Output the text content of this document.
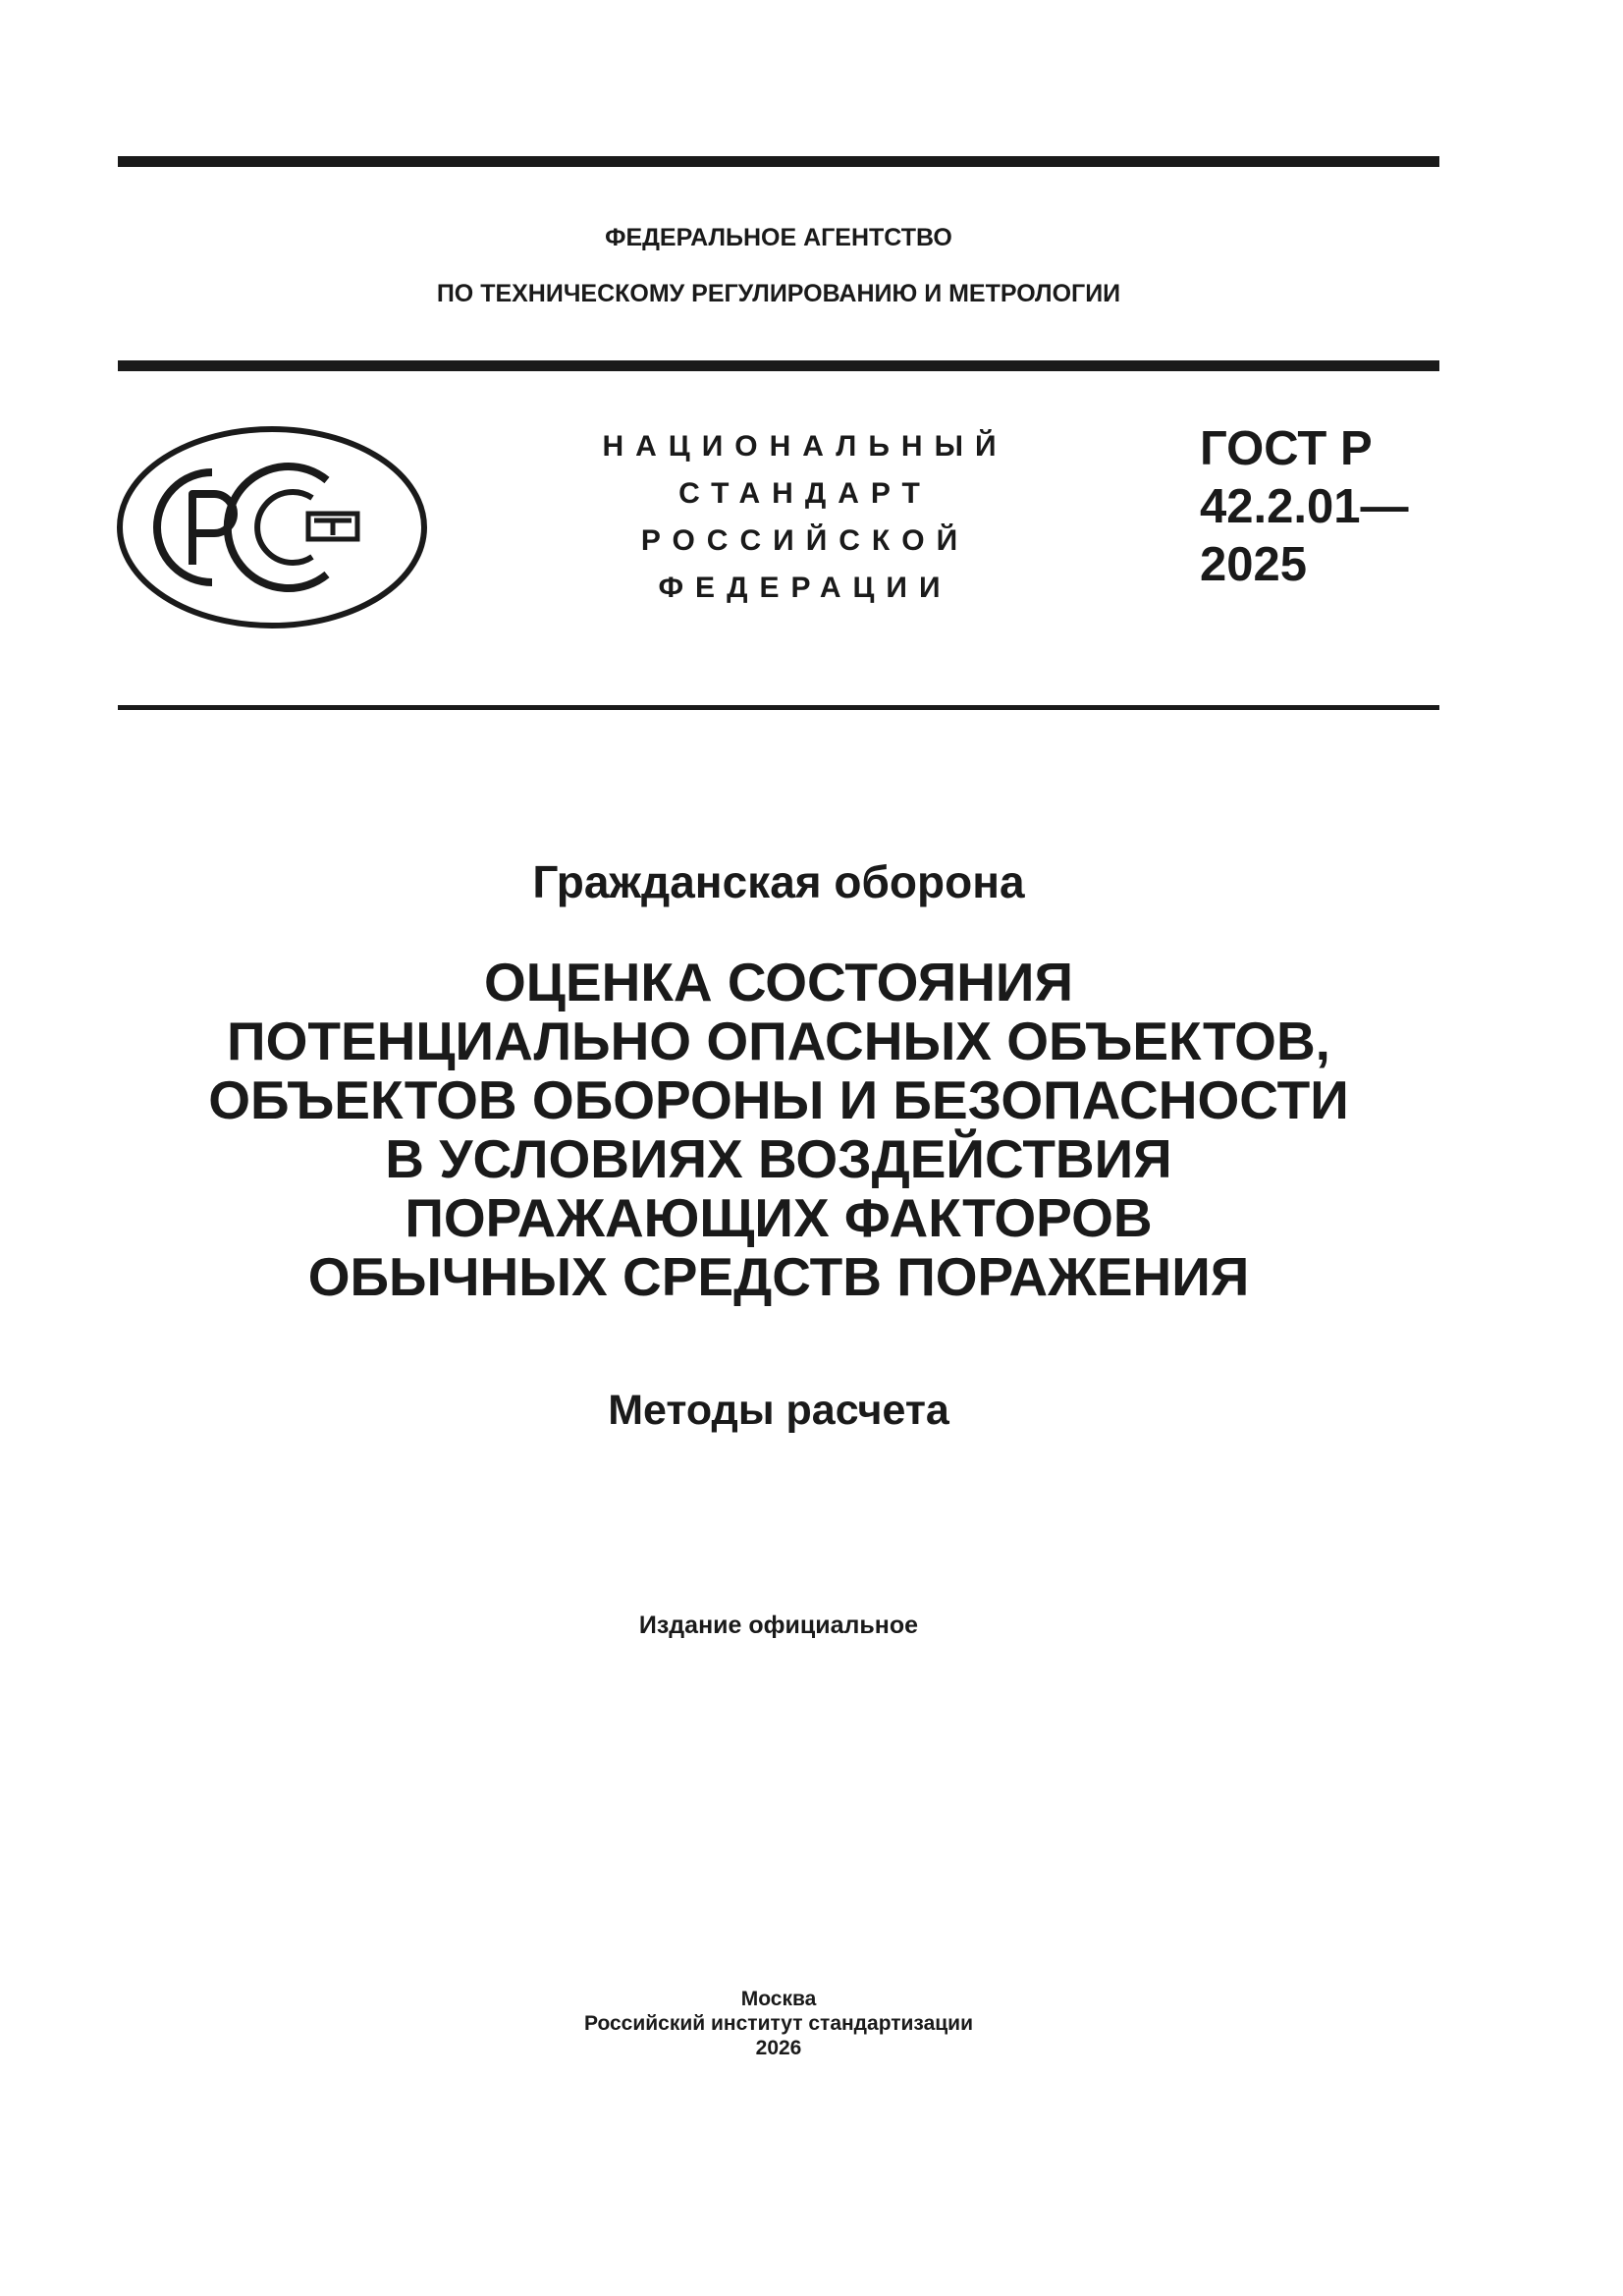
ФЕДЕРАЛЬНОЕ АГЕНТСТВО
ПО ТЕХНИЧЕСКОМУ РЕГУЛИРОВАНИЮ И МЕТРОЛОГИИ
НАЦИОНАЛЬНЫЙ
СТАНДАРТ
РОССИЙСКОЙ
ФЕДЕРАЦИИ
ГОСТ Р
42.2.01—
2025
Гражданская оборона
ОЦЕНКА СОСТОЯНИЯ
ПОТЕНЦИАЛЬНО ОПАСНЫХ ОБЪЕКТОВ,
ОБЪЕКТОВ ОБОРОНЫ И БЕЗОПАСНОСТИ
В УСЛОВИЯХ ВОЗДЕЙСТВИЯ
ПОРАЖАЮЩИХ ФАКТОРОВ
ОБЫЧНЫХ СРЕДСТВ ПОРАЖЕНИЯ
Методы расчета
Издание официальное
Москва
Российский институт стандартизации
2026
